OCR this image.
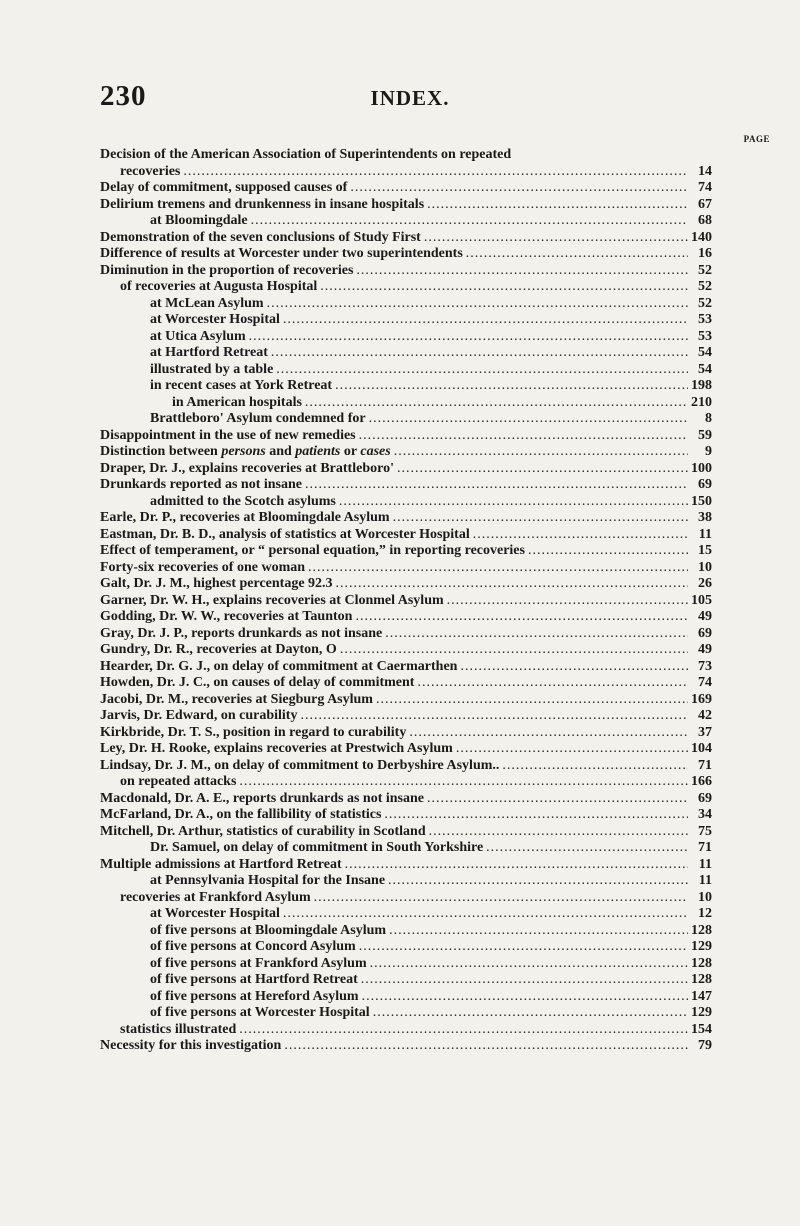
230	INDEX.
PAGE
Decision of the American Association of Superintendents on repeated
recoveries .....	14
Delay of commitment, supposed causes of .....	74
Delirium tremens and drunkenness in insane hospitals .....	67
at Bloomingdale .....	68
Demonstration of the seven conclusions of Study First .....	140
Difference of results at Worcester under two superintendents .....	16
Diminution in the proportion of recoveries .....	52
of recoveries at Augusta Hospital .....	52
at McLean Asylum .....	52
at Worcester Hospital .....	53
at Utica Asylum .....	53
at Hartford Retreat .....	54
illustrated by a table .....	54
in recent cases at York Retreat .....	198
in American hospitals .....	210
Brattleboro' Asylum condemned for .....	8
Disappointment in the use of new remedies .....	59
Distinction between persons and patients or cases .....	9
Draper, Dr. J., explains recoveries at Brattleboro' .....	100
Drunkards reported as not insane .....	69
admitted to the Scotch asylums .....	150
Earle, Dr. P., recoveries at Bloomingdale Asylum .....	38
Eastman, Dr. B. D., analysis of statistics at Worcester Hospital .....	11
Effect of temperament, or “ personal equation,” in reporting recoveries .....	15
Forty-six recoveries of one woman .....	10
Galt, Dr. J. M., highest percentage 92.3 .....	26
Garner, Dr. W. H., explains recoveries at Clonmel Asylum .....	105
Godding, Dr. W. W., recoveries at Taunton .....	49
Gray, Dr. J. P., reports drunkards as not insane .....	69
Gundry, Dr. R., recoveries at Dayton, O .....	49
Hearder, Dr. G. J., on delay of commitment at Caermarthen .....	73
Howden, Dr. J. C., on causes of delay of commitment .....	74
Jacobi, Dr. M., recoveries at Siegburg Asylum .....	169
Jarvis, Dr. Edward, on curability .....	42
Kirkbride, Dr. T. S., position in regard to curability .....	37
Ley, Dr. H. Rooke, explains recoveries at Prestwich Asylum .....	104
Lindsay, Dr. J. M., on delay of commitment to Derbyshire Asylum.. .....	71
on repeated attacks .....	166
Macdonald, Dr. A. E., reports drunkards as not insane .....	69
McFarland, Dr. A., on the fallibility of statistics .....	34
Mitchell, Dr. Arthur, statistics of curability in Scotland .....	75
Dr. Samuel, on delay of commitment in South Yorkshire .....	71
Multiple admissions at Hartford Retreat .....	11
at Pennsylvania Hospital for the Insane .....	11
recoveries at Frankford Asylum .....	10
at Worcester Hospital .....	12
of five persons at Bloomingdale Asylum .....	128
of five persons at Concord Asylum .....	129
of five persons at Frankford Asylum .....	128
of five persons at Hartford Retreat .....	128
of five persons at Hereford Asylum .....	147
of five persons at Worcester Hospital .....	129
statistics illustrated .....	154
Necessity for this investigation .....	79
